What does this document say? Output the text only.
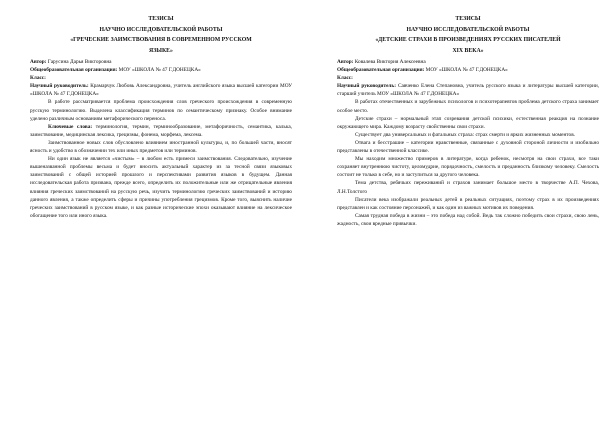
ТЕЗИСЫ
НАУЧНО ИССЛЕДОВАТЕЛЬСКОЙ РАБОТЫ
«ГРЕЧЕСКИЕ ЗАИМСТВОВАНИЯ В СОВРЕМЕННОМ РУССКОМ
ЯЗЫКЕ»
Автор: Гарусина Дарья Викторовна
Общеобразовательная организация: МОУ «ШКОЛА № 47 Г.ДОНЕЦКА»
Класс:
Научный руководитель: Крамарчук Любовь Александровна, учитель английского языка высшей категории МОУ «ШКОЛА № 47 Г.ДОНЕЦКА»

В работе рассматривается проблема происхождения слов греческого происхождения в современную русскую терминологию. Выделена классификация терминов по семантическому признаку. Особое внимание уделено различным основаниям метафорического переноса.

Ключевые слова: терминология, термин, терминообразование, метафоричность, семантика, калька, заимствование, медицинская лексика, грецизмы, фонема, морфема, лексема.

Заимствованное новых слов обусловлено влиянием иностранной культуры, и, по большей части, вносят ясность и удобство в обозначении тех или иных предметов или терминов.

Ни один язык не является «чистым» – в любом есть примеси заимствования. Следовательно, изучение вышеназванной проблемы весьма и будет вносить актуальный характер из за тесной связи языковых заимствований с общей историей прошлого и перспективами развития языков в будущем. Данная исследовательская работа призвана, прежде всего, определить их положительные или же отрицательные явления влияния греческих заимствований на русскую речь, изучить терминологию греческих заимствований и историю данного явления, а также определить сферы и причины употребления грецизмов. Кроме того, выяснить наличие греческих заимствований в русском языке, и как разные исторические эпохи оказывают влияние на лексическое обогащение того или иного языка.

ТЕЗИСЫ
НАУЧНО ИССЛЕДОВАТЕЛЬСКОЙ РАБОТЫ
«ДЕТСКИЕ СТРАХИ В ПРОИЗВЕДЕНИЯХ РУССКИХ ПИСАТЕЛЕЙ
XIX ВЕКА»
Автор: Ковалева Виктория Алексеевна
Общеобразовательная организация: МОУ «ШКОЛА № 47 Г.ДОНЕЦКА»
Класс:
Научный руководитель: Савченко Елена Степановна, учитель русского языка и литературы высшей категории, старший учитель МОУ «ШКОЛА № 47 Г.ДОНЕЦКА»

В работах отечественных и зарубежных психологов и психотерапевтов проблема детского страха занимает особое место.

Детские страхи – нормальный этап созревания детской психики, естественная реакция на познание окружающего мира. Каждому возрасту свойственны свои страхи.

Существует два универсальных и фатальных страха: страх смерти и ярких жизненных моментов.

Отвага и бесстрашие – категории нравственные, связанные с духовной стороной личности и изобильно представлены в отечественной классике.

Мы находим множество примеров в литературе, когда ребенок, несмотря на свои страхи, все таки сохраняет внутреннюю чистоту, целомудрие, порядочность, смелость и преданность близкому человеку. Смелость состоит не только в себе, но и заступиться за другого человека.

Тема детства, ребячьих переживаний и страхов занимает большое место в творчестве А.П. Чехова, Л.Н.Толстого

Писатели века изображали реальных детей в реальных ситуациях, поэтому страх в их произведениях представлен и как состояние персонажей, и как один из важных мотивов их поведения.

Самая трудная победа в жизни – это победа над собой. Ведь так сложно победить свои страхи, свою лень, жадность, свои вредные привычки.
